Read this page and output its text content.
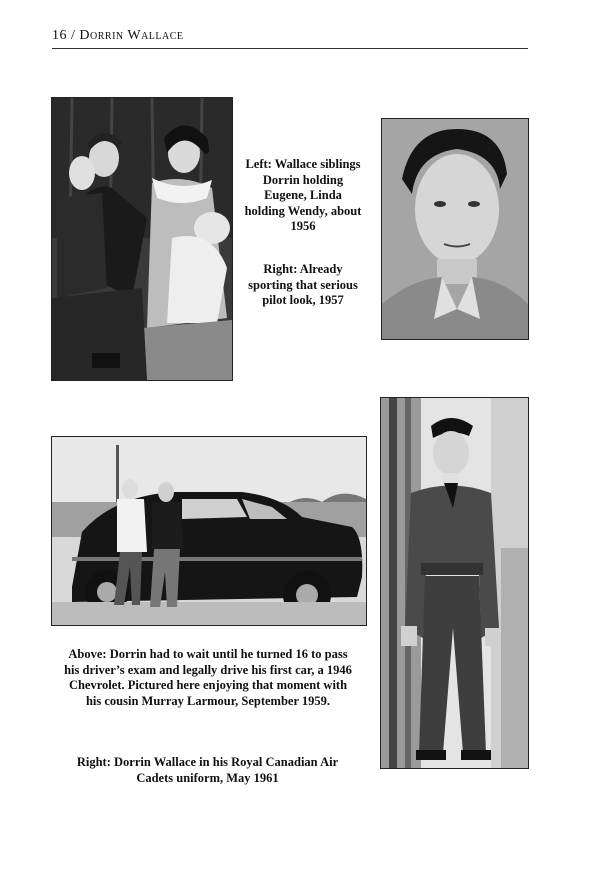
16 / Dorrin Wallace
Left: Wallace siblings Dorrin holding Eugene, Linda holding Wendy, about 1956
Right: Already sporting that serious pilot look, 1957
Above: Dorrin had to wait until he turned 16 to pass his driver’s exam and legally drive his first car, a 1946 Chevrolet. Pictured here enjoying that moment with his cousin Murray Larmour, September 1959.
Right: Dorrin Wallace in his Royal Canadian Air Cadets uniform, May 1961
